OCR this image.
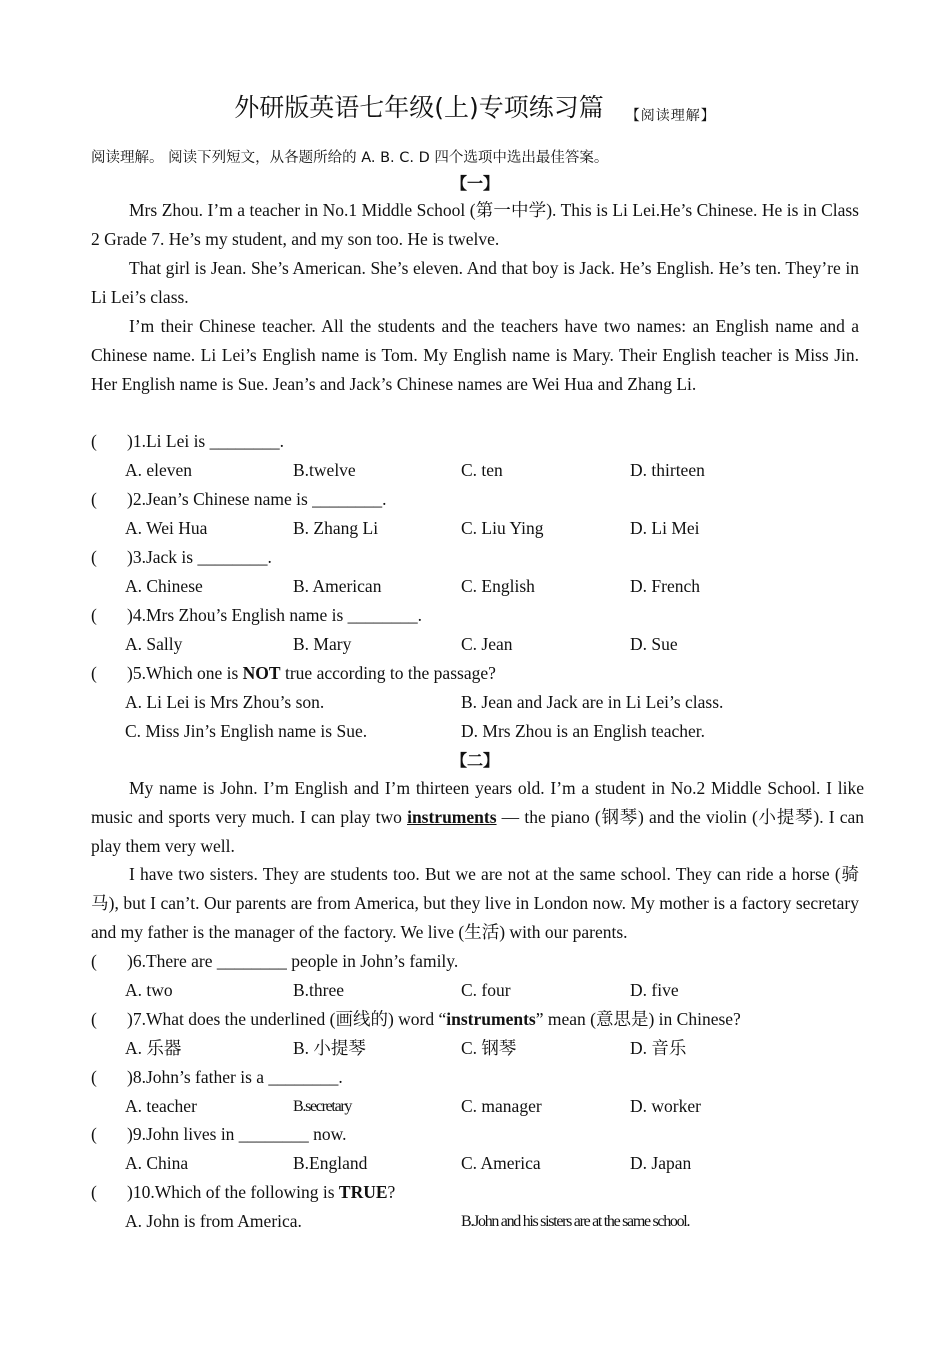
外研版英语七年级(上)专项练习篇 【阅读理解】
阅读理解。 阅读下列短文，从各题所给的 A. B. C. D 四个选项中选出最佳答案。
【一】
Mrs Zhou. I’m a teacher in No.1 Middle School (第一中学). This is Li Lei.He’s Chinese. He is in Class 2 Grade 7. He’s my student, and my son too. He is twelve.
That girl is Jean. She’s American. She’s eleven. And that boy is Jack. He’s English. He’s ten. They’re in Li Lei’s class.
I’m their Chinese teacher. All the students and the teachers have two names: an English name and a Chinese name. Li Lei’s English name is Tom. My English name is Mary. Their English teacher is Miss Jin. Her English name is Sue. Jean’s and Jack’s Chinese names are Wei Hua and Zhang Li.
( )1.Li Lei is ________.
A. eleven	B.twelve	C. ten	D. thirteen
( )2.Jean’s Chinese name is ________.
A. Wei Hua	B. Zhang Li	C. Liu Ying	D. Li Mei
( )3.Jack is ________.
A. Chinese	B. American	C. English	D. French
( )4.Mrs Zhou’s English name is ________.
A. Sally	B. Mary	C. Jean	D. Sue
( )5.Which one is NOT true according to the passage?
A. Li Lei is Mrs Zhou’s son.	B. Jean and Jack are in Li Lei’s class.
C. Miss Jin’s English name is Sue.	D. Mrs Zhou is an English teacher.
【二】
My name is John. I’m English and I’m thirteen years old. I’m a student in No.2 Middle School. I like music and sports very much. I can play two instruments — the piano (钢琴) and the violin (小提琴). I can play them very well.
I have two sisters. They are students too. But we are not at the same school. They can ride a horse (骑马), but I can’t. Our parents are from America, but they live in London now. My mother is a factory secretary and my father is the manager of the factory. We live (生活) with our parents.
( )6.There are ________ people in John’s family.
A. two	B.three	C. four	D. five
( )7.What does the underlined (画线的) word “instruments” mean (意思是) in Chinese?
A. 乐器	B. 小提琴	C. 钢琴	D. 音乐
( )8.John’s father is a ________.
A. teacher	B.secretary	C. manager	D. worker
( )9.John lives in ________ now.
A. China	B.England	C. America	D. Japan
( )10.Which of the following is TRUE?
A. John is from America.	B.John and his sisters are at the same school.
